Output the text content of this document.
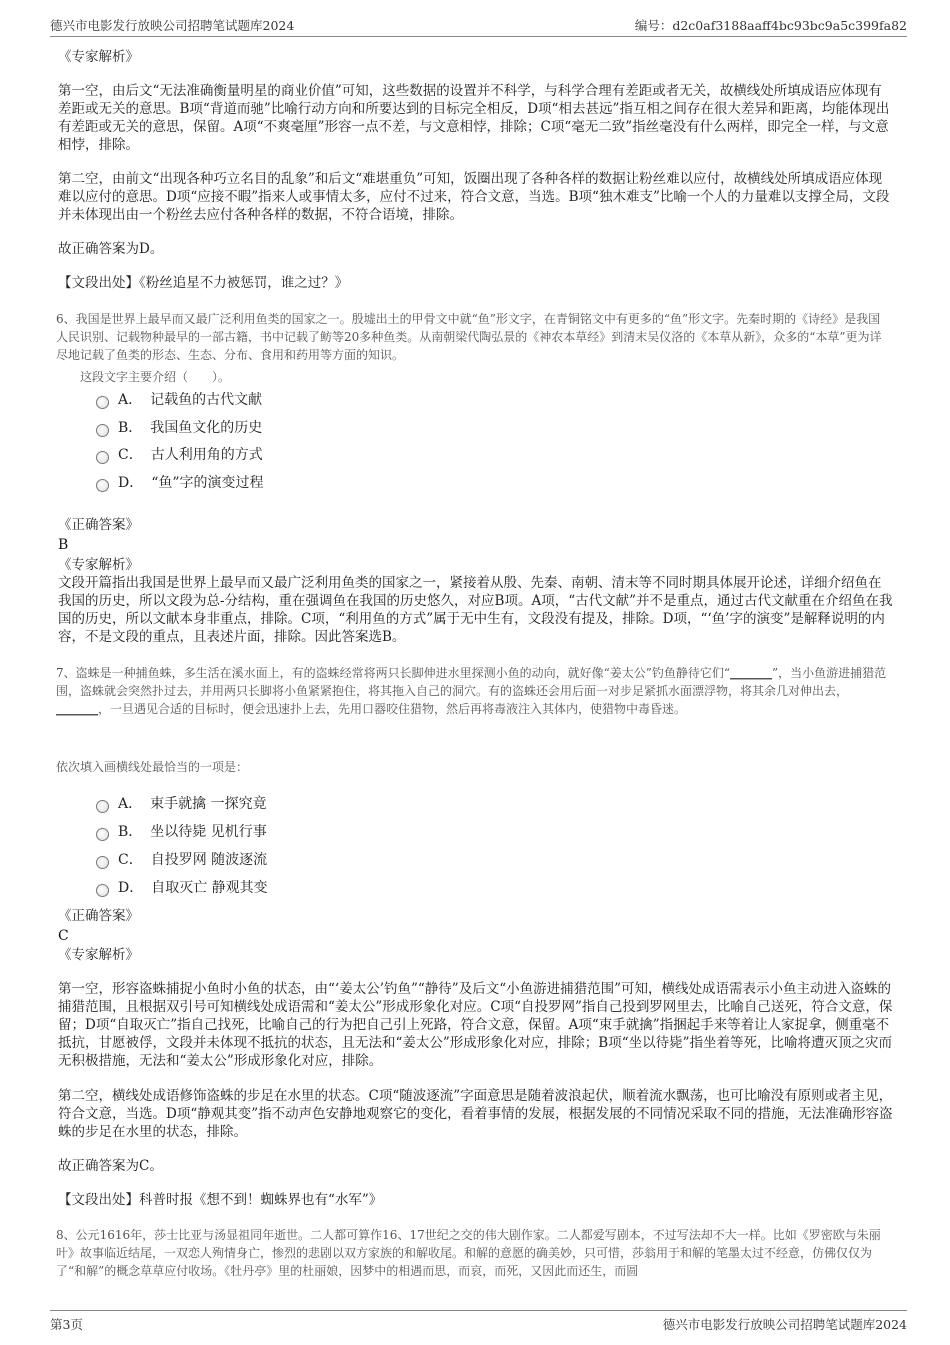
德兴市电影发行放映公司招聘笔试题库2024	编号：d2c0af3188aaff4bc93bc9a5c399fa82
《专家解析》
第一空，由后文“无法准确衡量明星的商业价值”可知，这些数据的设置并不科学，与科学合理有差距或者无关，故横线处所填成语应体现有差距或无关的意思。B项“背道而驰”比喻行动方向和所要达到的目标完全相反，D项“相去甚远”指互相之间存在很大差异和距离，均能体现出有差距或无关的意思，保留。A项“不爽毫厘”形容一点不差，与文意相悖，排除；C项“毫无二致”指丝毫没有什么两样，即完全一样，与文意相悖，排除。
第二空，由前文“出现各种巧立名目的乱象”和后文“难堪重负”可知，饭圈出现了各种各样的数据让粉丝难以应付，故横线处所填成语应体现难以应付的意思。D项“应接不暇”指来人或事情太多，应付不过来，符合文意，当选。B项“独木难支”比喻一个人的力量难以支撑全局，文段并未体现出由一个粉丝去应付各种各样的数据，不符合语境，排除。
故正确答案为D。
【文段出处】《粉丝追星不力被惩罚，谁之过？》
6、我国是世界上最早而又最广泛利用鱼类的国家之一。殷墟出土的甲骨文中就“鱼”形文字，在青铜铭文中有更多的“鱼”形文字。先秦时期的《诗经》是我国人民识别、记载物种最早的一部古籍，书中记载了鲂等20多种鱼类。从南朝梁代陶弘景的《神农本草经》到清末吴仪洛的《本草从新》，众多的“本草”更为详尽地记载了鱼类的形态、生态、分布、食用和药用等方面的知识。
这段文字主要介绍（　　）。
A． 记载鱼的古代文献
B． 我国鱼文化的历史
C． 古人利用角的方式
D． “鱼”字的演变过程
《正确答案》
B
《专家解析》
文段开篇指出我国是世界上最早而又最广泛利用鱼类的国家之一，紧接着从殷、先秦、南朝、清末等不同时期具体展开论述，详细介绍鱼在我国的历史，所以文段为总-分结构，重在强调鱼在我国的历史悠久，对应B项。A项，“古代文献”并不是重点，通过古代文献重在介绍鱼在我国的历史，所以文献本身非重点，排除。C项，“利用鱼的方式”属于无中生有，文段没有提及，排除。D项，“‘鱼’字的演变”是解释说明的内容，不是文段的重点，且表述片面，排除。因此答案选B。
7、盗蛛是一种捕鱼蛛，多生活在溪水面上，有的盗蛛经常将两只长脚伸进水里探测小鱼的动向，就好像“姜太公”钓鱼静待它们“_______”，当小鱼游进捕猎范围，盗蛛就会突然扑过去，并用两只长脚将小鱼紧紧抱住，将其拖入自己的洞穴。有的盗蛛还会用后面一对步足紧抓水面漂浮物，将其余几对伸出去，_______，一旦遇见合适的目标时，便会迅速扑上去，先用口器咬住猎物，然后再将毒液注入其体内，使猎物中毒昏迷。
依次填入画横线处最恰当的一项是：
A． 束手就擒 一探究竟
B． 坐以待毙 见机行事
C． 自投罗网 随波逐流
D． 自取灭亡 静观其变
《正确答案》
C
《专家解析》
第一空，形容盗蛛捕捉小鱼时小鱼的状态，由“‘姜太公’钓鱼”“静待”及后文“小鱼游进捕猎范围”可知，横线处成语需表示小鱼主动进入盗蛛的捕猎范围，且根据双引号可知横线处成语需和“姜太公”形成形象化对应。C项“自投罗网”指自己投到罗网里去，比喻自己送死，符合文意，保留；D项“自取灭亡”指自己找死，比喻自己的行为把自己引上死路，符合文意，保留。A项“束手就擒”指捆起手来等着让人家捉拿，侧重毫不抵抗，甘愿被俘，文段并未体现不抵抗的状态，且无法和“姜太公”形成形象化对应，排除；B项“坐以待毙”指坐着等死，比喻将遭灭顶之灾而无积极措施，无法和“姜太公”形成形象化对应，排除。
第二空，横线处成语修饰盗蛛的步足在水里的状态。C项“随波逐流”字面意思是随着波浪起伏，顺着流水飘荡，也可比喻没有原则或者主见，符合文意，当选。D项“静观其变”指不动声色安静地观察它的变化，看着事情的发展，根据发展的不同情况采取不同的措施，无法准确形容盗蛛的步足在水里的状态，排除。
故正确答案为C。
【文段出处】科普时报《想不到！蜘蛛界也有“水军”》
8、公元1616年，莎士比亚与汤显祖同年逝世。二人都可算作16、17世纪之交的伟大剧作家。二人都爱写剧本，不过写法却不大一样。比如《罗密欧与朱丽叶》故事临近结尾，一双恋人殉情身亡，惨烈的悲剧以双方家族的和解收尾。和解的意愿的确美妙，只可惜，莎翁用于和解的笔墨太过不经意，仿佛仅仅为了“和解”的概念草草应付收场。《牡丹亭》里的杜丽娘，因梦中的相遇而思，而哀，而死，又因此而还生，而圆
第3页	德兴市电影发行放映公司招聘笔试题库2024
